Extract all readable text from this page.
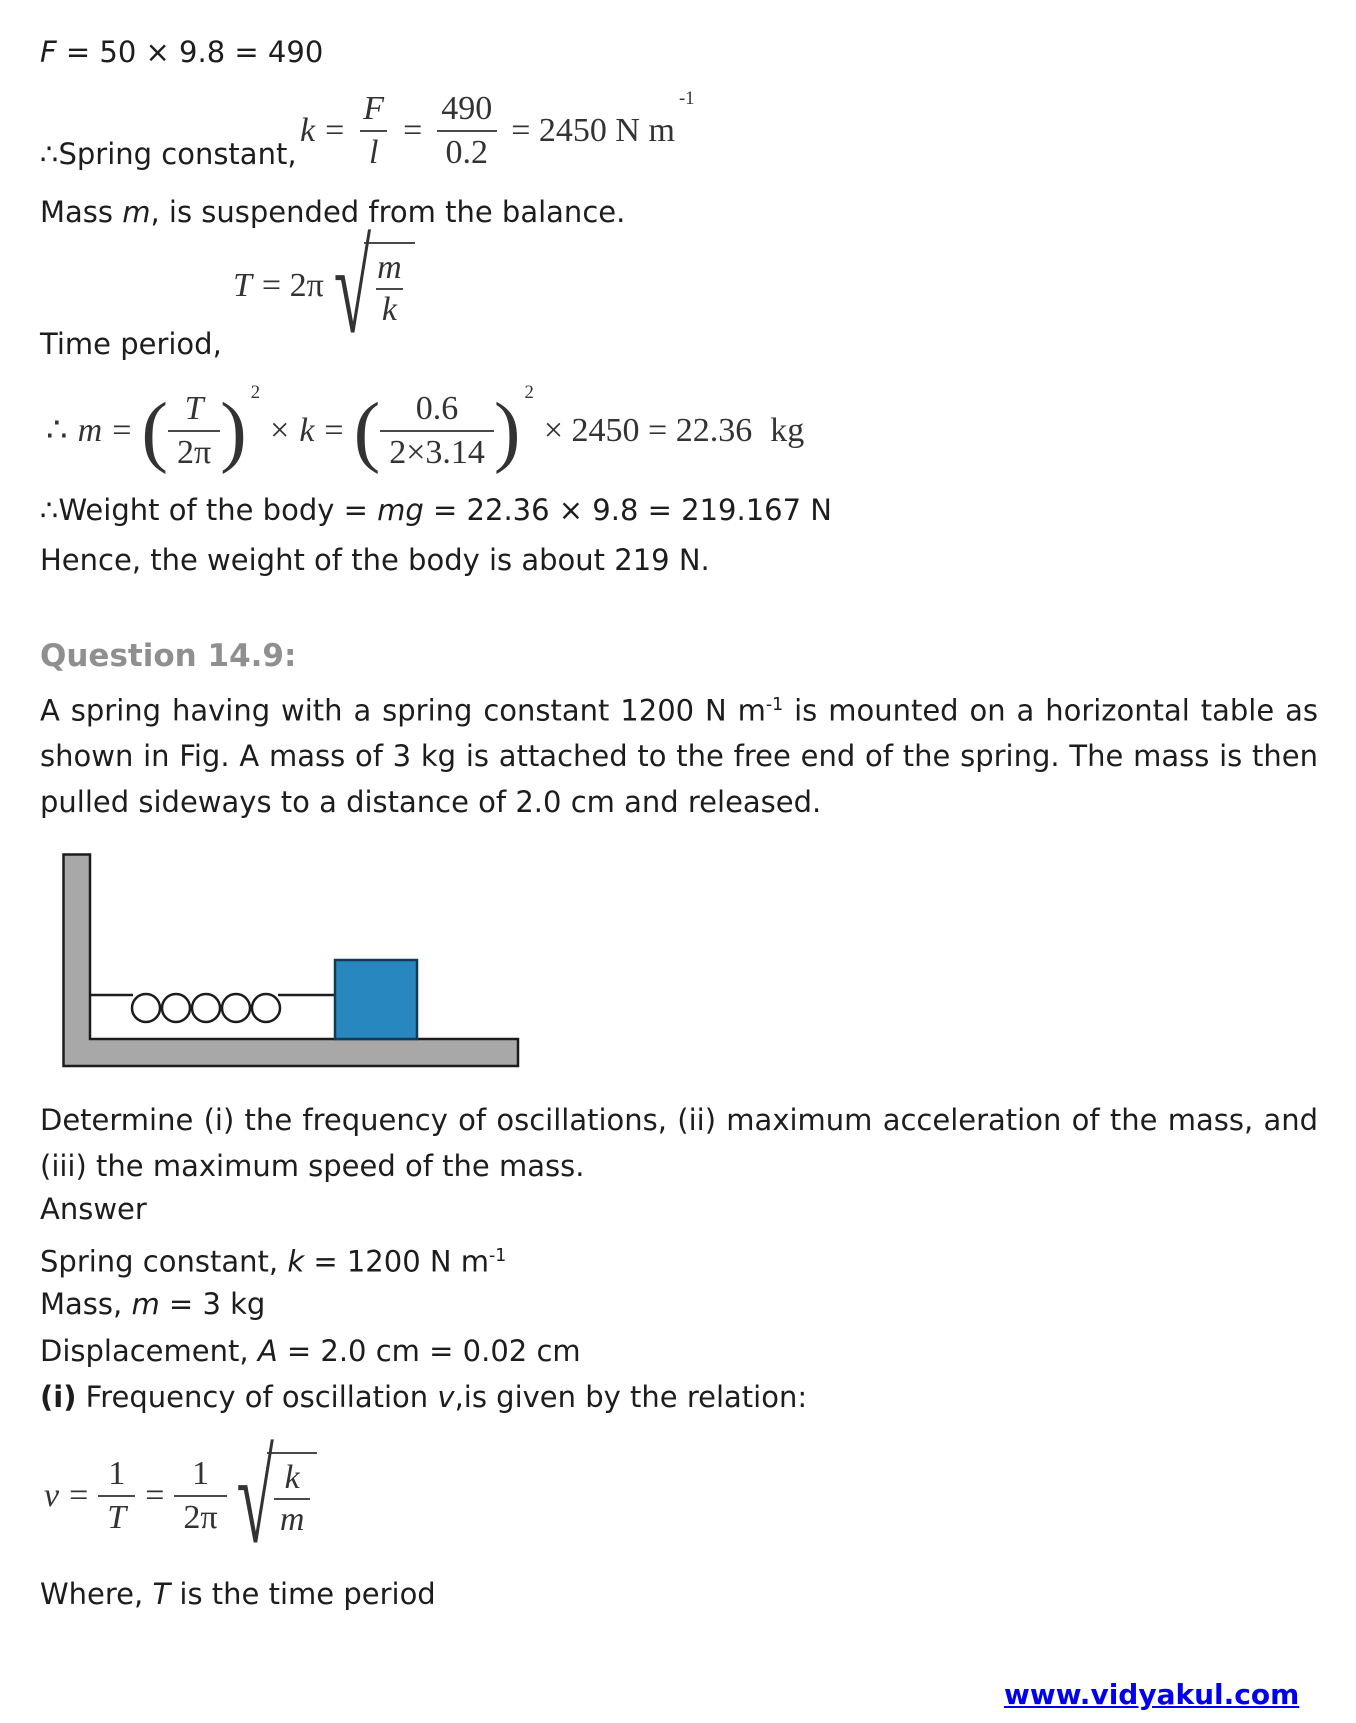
F = 50 × 9.8 = 490

$k = \frac{F}{l} = \frac{490}{0.2} = 2450$ N m
$^{-1}$

∴Spring constant,

Mass m, is suspended from the balance.

T = 2π √ $\frac{m}{k}$

Time period,

∴ m = ( $\frac{T}{2\pi} )^2$
× k = ( $\frac{0.6}{2\times 3.14} )^2$
× 2450 = 22.36 kg

∴Weight of the body = mg = 22.36 × 9.8 = 219.167 N

Hence, the weight of the body is about 219 N.

Question 14.9:

A spring having with a spring constant 1200 N $m^{-1}$ is mounted on a horizontal table as shown in Fig. A mass of 3 kg is attached to the free end of the spring. The mass is then pulled sideways to a distance of 2.0 cm and released.

Determine (i) the frequency of oscillations, (ii) maximum acceleration of the mass, and (iii) the maximum speed of the mass.

Answer

Spring constant, k = 1200 N $m^{-1}$

Mass, m = 3 kg

Displacement, A = 2.0 cm = 0.02 cm

(i) Frequency of oscillation v,is given by the relation:

$v = \frac{1}{T} = \frac{1}{2\pi}$ √ $\frac{k}{m}$

Where, T is the time period

www.vidyakul.com
